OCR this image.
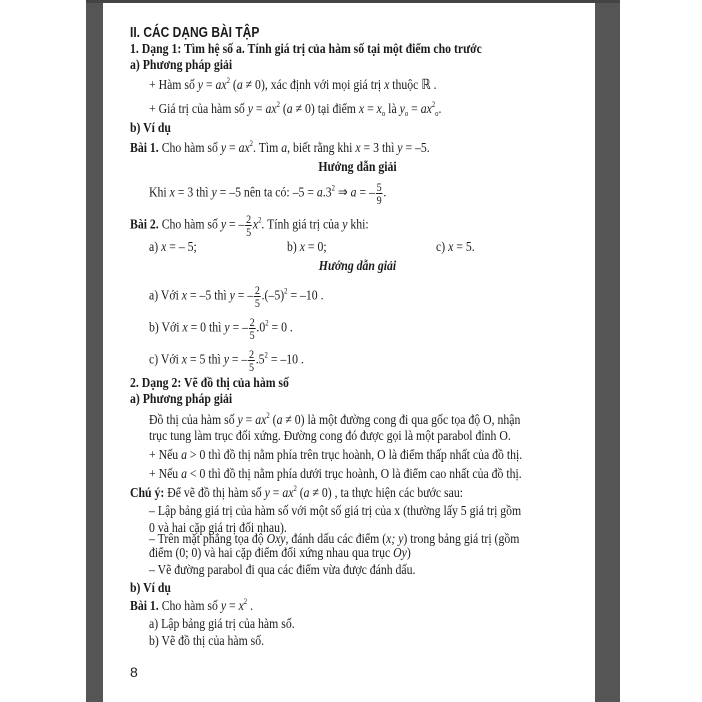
II. CÁC DẠNG BÀI TẬP
1. Dạng 1: Tìm hệ số a. Tính giá trị của hàm số tại một điểm cho trước
a) Phương pháp giải
+ Hàm số $y = ax^2$ (a ≠ 0), xác định với mọi giá trị x thuộc ℝ .
+ Giá trị của hàm số $y = ax^2$ (a ≠ 0) tại điểm $x = x_o$ là $y_o = ax^2_o$.
b) Ví dụ
Bài 1. Cho hàm số $y = ax^2$. Tìm a, biết rằng khi x = 3 thì y = –5.
Hướng dẫn giải
Khi x = 3 thì y = –5 nên ta có: $-5 = a.3^2$ ⇒ a = – $\frac{5}{9}$ .
Bài 2. Cho hàm số y = – $\frac{2}{5} x^2$. Tính giá trị của y khi:
a) x = – 5;	b) x = 0;	c) x = 5.
Hướng dẫn giải
a) Với x = –5 thì y = – $\frac{2}{5} .(-5)^2 = -10$ .
b) Với x = 0 thì y = – $\frac{2}{5} .0^2 = 0$ .
c) Với x = 5 thì y = – $\frac{2}{5} .5^2 = -10$ .
2. Dạng 2: Vẽ đồ thị của hàm số
a) Phương pháp giải
Đồ thị của hàm số $y = ax^2$ (a ≠ 0) là một đường cong đi qua gốc tọa độ O, nhận
trục tung làm trục đối xứng. Đường cong đó được gọi là một parabol đỉnh O.
+ Nếu a > 0 thì đồ thị nằm phía trên trục hoành, O là điểm thấp nhất của đồ thị.
+ Nếu a < 0 thì đồ thị nằm phía dưới trục hoành, O là điểm cao nhất của đồ thị.
Chú ý: Để vẽ đồ thị hàm số $y = ax^2$ (a ≠ 0) , ta thực hiện các bước sau:
– Lập bảng giá trị của hàm số với một số giá trị của x (thường lấy 5 giá trị gồm
0 và hai cặp giá trị đối nhau).
– Trên mặt phẳng tọa độ Oxy, đánh dấu các điểm (x; y) trong bảng giá trị (gồm
điểm (0; 0) và hai cặp điểm đối xứng nhau qua trục Oy)
– Vẽ đường parabol đi qua các điểm vừa được đánh dấu.
b) Ví dụ
Bài 1. Cho hàm số $y = x^2$ .
a) Lập bảng giá trị của hàm số.
b) Vẽ đồ thị của hàm số.
8
